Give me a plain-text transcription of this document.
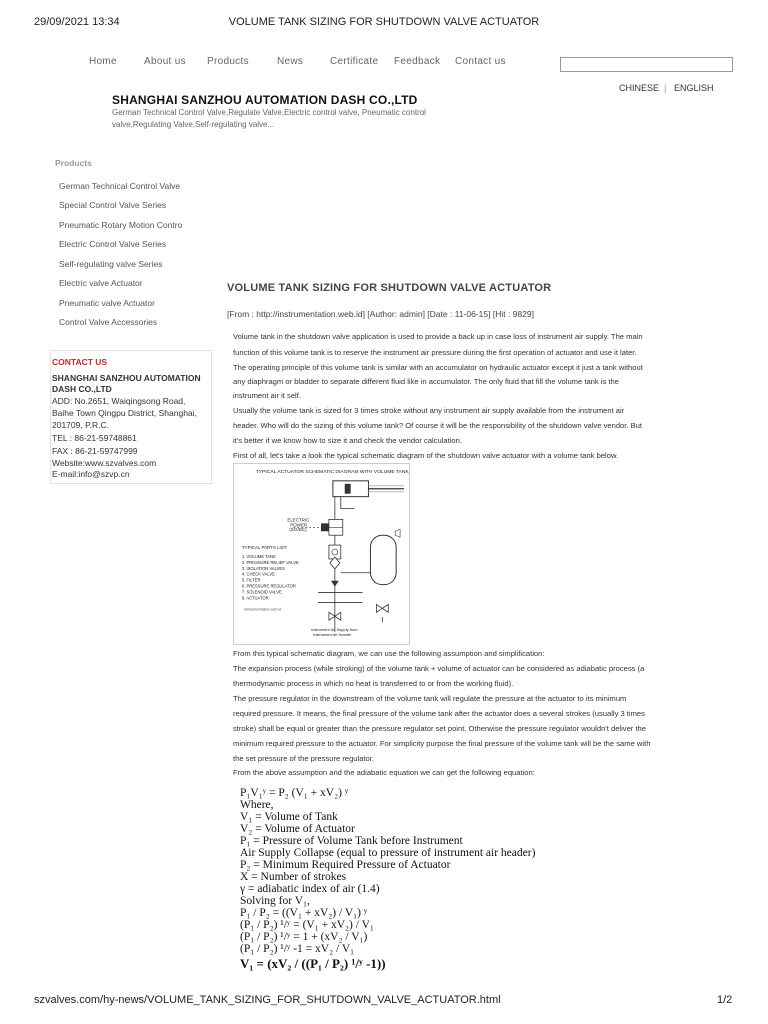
29/09/2021 13:34	VOLUME TANK SIZING FOR SHUTDOWN VALVE ACTUATOR
Home	About us Products	News	Certificate Feedback Contact us
CHINESE | ENGLISH
SHANGHAI SANZHOU AUTOMATION DASH CO.,LTD
German Technical Control Valve,Regulate Valve,Electric control valve, Pneumatic control
valve,Regulating Valve,Self-regulating valve...
Products
German Technical Control Valve
Special Control Valve Series
Pneumatic Rotary Motion Contro
Electric Control Valve Series
Self-regulating valve Series
Electric valve Actuator
Pneumatic valve Actuator
Control Valve Accessories
CONTACT US
SHANGHAI SANZHOU AUTOMATION
DASH CO.,LTD
ADD: No.2651, Waiqingsong Road,
Baihe Town Qingpu District, Shanghai,
201709, P.R.C.
TEL : 86-21-59748861
FAX : 86-21-59747999
Website:www.szvalves.com
E-mail:info@szvp.cn
VOLUME TANK SIZING FOR SHUTDOWN VALVE ACTUATOR
[From : http://instrumentation.web.id] [Author: admin] [Date : 11-06-15] [Hit : 9829]
Volume tank in the shutdown valve application is used to provide a back up in case loss of instrument air supply. The main
function of this volume tank is to reserve the instrument air pressure during the first operation of actuator and use it later.
The operating principle of this volume tank is similar with an accumulator on hydraulic actuator except it just a tank without
any diaphragm or bladder to separate different fluid like in accumulator. The only fluid that fill the volume tank is the
instrument air it self.
Usually the volume tank is sized for 3 times stroke without any instrument air supply available from the instrument air
header. Who will do the sizing of this volume tank? Of course it will be the responsibility of the shutdown valve vendor. But
it's better if we know how to size it and check the vendor calculation.
First of all, let's take a look the typical schematic diagram of the shutdown valve actuator with a volume tank below.
TYPICAL ACTUATOR SCHEMATIC DIAGRAM WITH VOLUME TANK
ELECTRIC
POWER
(24VDC)
TYPICAL PARTS LIST:
1. VOLUME TANK
2. PRESSURE RELIEF VALVE
3. ISOLATION VALVES
4. CHECK VALVE
5. FILTER
6. PRESSURE REGULATOR
7. SOLENOID VALVE
8. ACTUATOR
instrumentation.web.id
Instrument Air Supply from
Instrument Air Header
From this typical schematic diagram, we can use the following assumption and simplification:
The expansion process (while stroking) of the volume tank + volume of actuator can be considered as adiabatic process (a
thermodynamic process in which no heat is transferred to or from the working fluid).
The pressure regulator in the downstream of the volume tank will regulate the pressure at the actuator to its minimum
required pressure. It means, the final pressure of the volume tank after the actuator does a several strokes (usually 3 times
stroke) shall be equal or greater than the pressure regulator set point. Otherwise the pressure regulator wouldn't deliver the
minimum required pressure to the actuator. For simplicity purpose the final pressure of the volume tank will be the same with
the set pressure of the pressure regulator.
From the above assumption and the adiabatic equation we can get the following equation:
P₁V₁ʸ = P₂ (V₁ + xV₂) ʸ
Where,
V₁ = Volume of Tank
V₂ = Volume of Actuator
P₁ = Pressure of Volume Tank before Instrument
Air Supply Collapse (equal to pressure of instrument air header)
P₂ = Minimum Required Pressure of Actuator
X = Number of strokes
γ = adiabatic index of air (1.4)
Solving for V₁,
P₁ / P₂ = ((V₁ + xV₂) / V₁) ʸ
(P₁ / P₂) ¹/ʸ = (V₁ + xV₂) / V₁
(P₁ / P₂) ¹/ʸ = 1 + (xV₂ / V₁)
(P₁ / P₂) ¹/ʸ -1 = xV₂ / V₁
V₁ = (xV₂ / ((P₁ / P₂) ¹/ʸ -1))
szvalves.com/hy-news/VOLUME_TANK_SIZING_FOR_SHUTDOWN_VALVE_ACTUATOR.html	1/2
